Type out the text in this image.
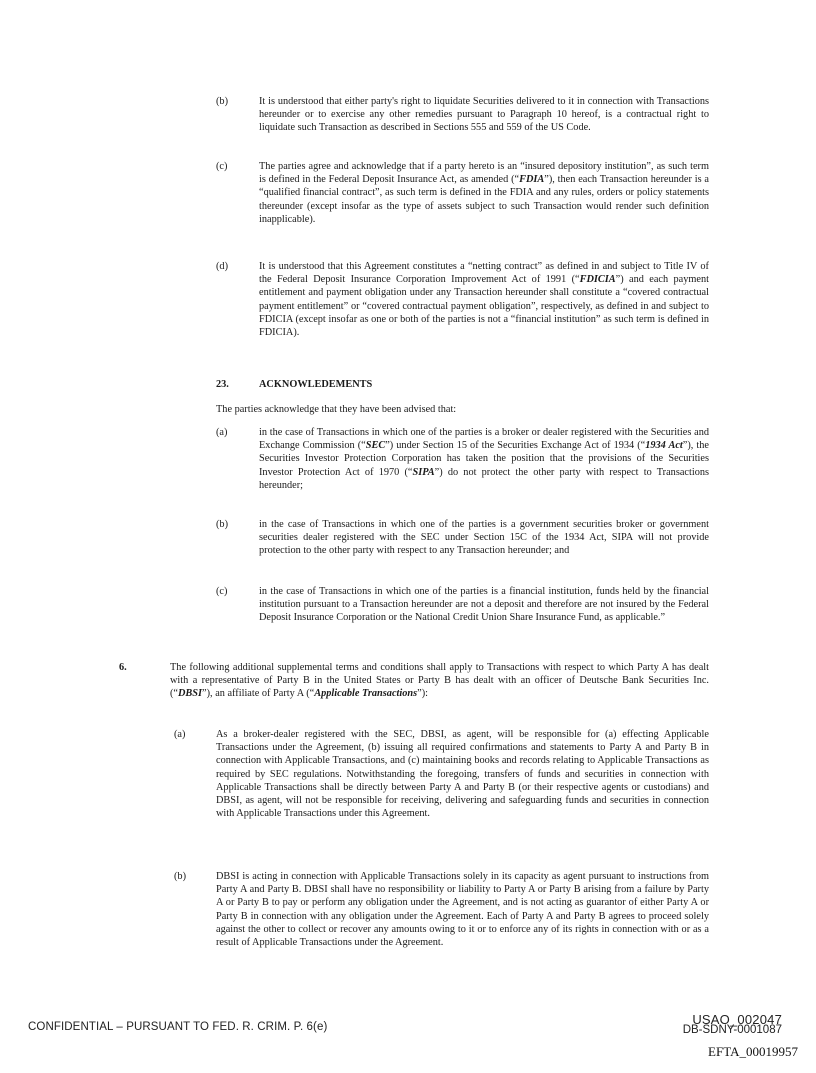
(b)	It is understood that either party's right to liquidate Securities delivered to it in connection with Transactions hereunder or to exercise any other remedies pursuant to Paragraph 10 hereof, is a contractual right to liquidate such Transaction as described in Sections 555 and 559 of the US Code.
(c)	The parties agree and acknowledge that if a party hereto is an “insured depository institution”, as such term is defined in the Federal Deposit Insurance Act, as amended (“FDIA”), then each Transaction hereunder is a “qualified financial contract”, as such term is defined in the FDIA and any rules, orders or policy statements thereunder (except insofar as the type of assets subject to such Transaction would render such definition inapplicable).
(d)	It is understood that this Agreement constitutes a “netting contract” as defined in and subject to Title IV of the Federal Deposit Insurance Corporation Improvement Act of 1991 (“FDICIA”) and each payment entitlement and payment obligation under any Transaction hereunder shall constitute a “covered contractual payment entitlement” or “covered contractual payment obligation”, respectively, as defined in and subject to FDICIA (except insofar as one or both of the parties is not a “financial institution” as such term is defined in FDICIA).
23.	ACKNOWLEDEMENTS
The parties acknowledge that they have been advised that:
(a)	in the case of Transactions in which one of the parties is a broker or dealer registered with the Securities and Exchange Commission (“SEC”) under Section 15 of the Securities Exchange Act of 1934 (“1934 Act”), the Securities Investor Protection Corporation has taken the position that the provisions of the Securities Investor Protection Act of 1970 (“SIPA”) do not protect the other party with respect to Transactions hereunder;
(b)	in the case of Transactions in which one of the parties is a government securities broker or government securities dealer registered with the SEC under Section 15C of the 1934 Act, SIPA will not provide protection to the other party with respect to any Transaction hereunder; and
(c)	in the case of Transactions in which one of the parties is a financial institution, funds held by the financial institution pursuant to a Transaction hereunder are not a deposit and therefore are not insured by the Federal Deposit Insurance Corporation or the National Credit Union Share Insurance Fund, as applicable.”
6.	The following additional supplemental terms and conditions shall apply to Transactions with respect to which Party A has dealt with a representative of Party B in the United States or Party B has dealt with an officer of Deutsche Bank Securities Inc. (“DBSI”), an affiliate of Party A (“Applicable Transactions”):
(a)	As a broker-dealer registered with the SEC, DBSI, as agent, will be responsible for (a) effecting Applicable Transactions under the Agreement, (b) issuing all required confirmations and statements to Party A and Party B in connection with Applicable Transactions, and (c) maintaining books and records relating to Applicable Transactions as required by SEC regulations. Notwithstanding the foregoing, transfers of funds and securities in connection with Applicable Transactions shall be directly between Party A and Party B (or their respective agents or custodians) and DBSI, as agent, will not be responsible for receiving, delivering and safeguarding funds and securities in connection with Applicable Transactions under this Agreement.
(b)	DBSI is acting in connection with Applicable Transactions solely in its capacity as agent pursuant to instructions from Party A and Party B. DBSI shall have no responsibility or liability to Party A or Party B arising from a failure by Party A or Party B to pay or perform any obligation under the Agreement, and is not acting as guarantor of either Party A or Party B in connection with any obligation under the Agreement. Each of Party A and Party B agrees to proceed solely against the other to collect or recover any amounts owing to it or to enforce any of its rights in connection with or as a result of Applicable Transactions under the Agreement.
CONFIDENTIAL – PURSUANT TO FED. R. CRIM. P. 6(e)	USAO_002047
DB-SDNY-0001087
EFTA_00019957
